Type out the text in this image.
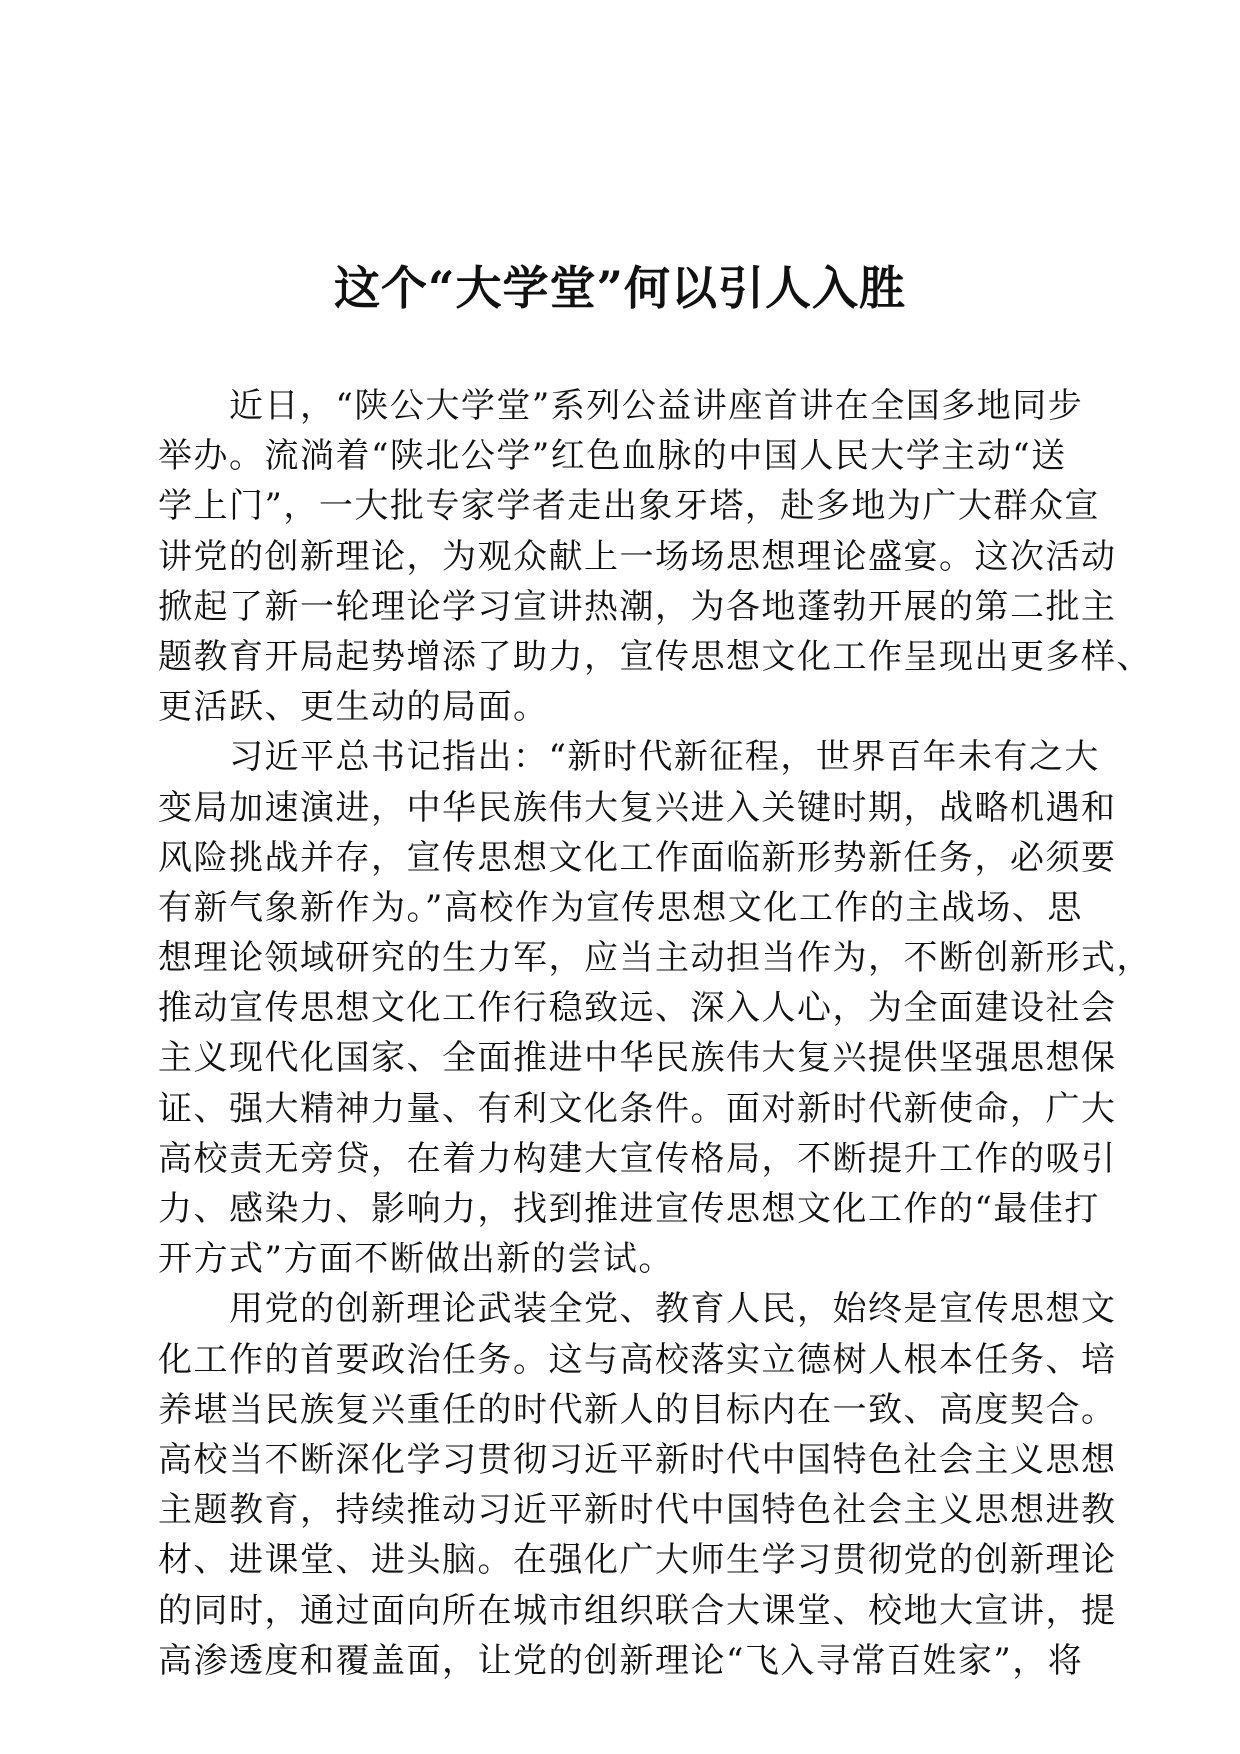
这个“大学堂”何以引人入胜
近日，“陕公大学堂”系列公益讲座首讲在全国多地同步
举办。流淌着“陕北公学”红色血脉的中国人民大学主动“送
学上门”，一大批专家学者走出象牙塔，赴多地为广大群众宣
讲党的创新理论，为观众献上一场场思想理论盛宴。这次活动
掀起了新一轮理论学习宣讲热潮，为各地蓬勃开展的第二批主
题教育开局起势增添了助力，宣传思想文化工作呈现出更多样、
更活跃、更生动的局面。
习近平总书记指出：“新时代新征程，世界百年未有之大
变局加速演进，中华民族伟大复兴进入关键时期，战略机遇和
风险挑战并存，宣传思想文化工作面临新形势新任务，必须要
有新气象新作为。”高校作为宣传思想文化工作的主战场、思
想理论领域研究的生力军，应当主动担当作为，不断创新形式，
推动宣传思想文化工作行稳致远、深入人心，为全面建设社会
主义现代化国家、全面推进中华民族伟大复兴提供坚强思想保
证、强大精神力量、有利文化条件。面对新时代新使命，广大
高校责无旁贷，在着力构建大宣传格局，不断提升工作的吸引
力、感染力、影响力，找到推进宣传思想文化工作的“最佳打
开方式”方面不断做出新的尝试。
用党的创新理论武装全党、教育人民，始终是宣传思想文
化工作的首要政治任务。这与高校落实立德树人根本任务、培
养堪当民族复兴重任的时代新人的目标内在一致、高度契合。
高校当不断深化学习贯彻习近平新时代中国特色社会主义思想
主题教育，持续推动习近平新时代中国特色社会主义思想进教
材、进课堂、进头脑。在强化广大师生学习贯彻党的创新理论
的同时，通过面向所在城市组织联合大课堂、校地大宣讲，提
高渗透度和覆盖面，让党的创新理论“飞入寻常百姓家”，将
